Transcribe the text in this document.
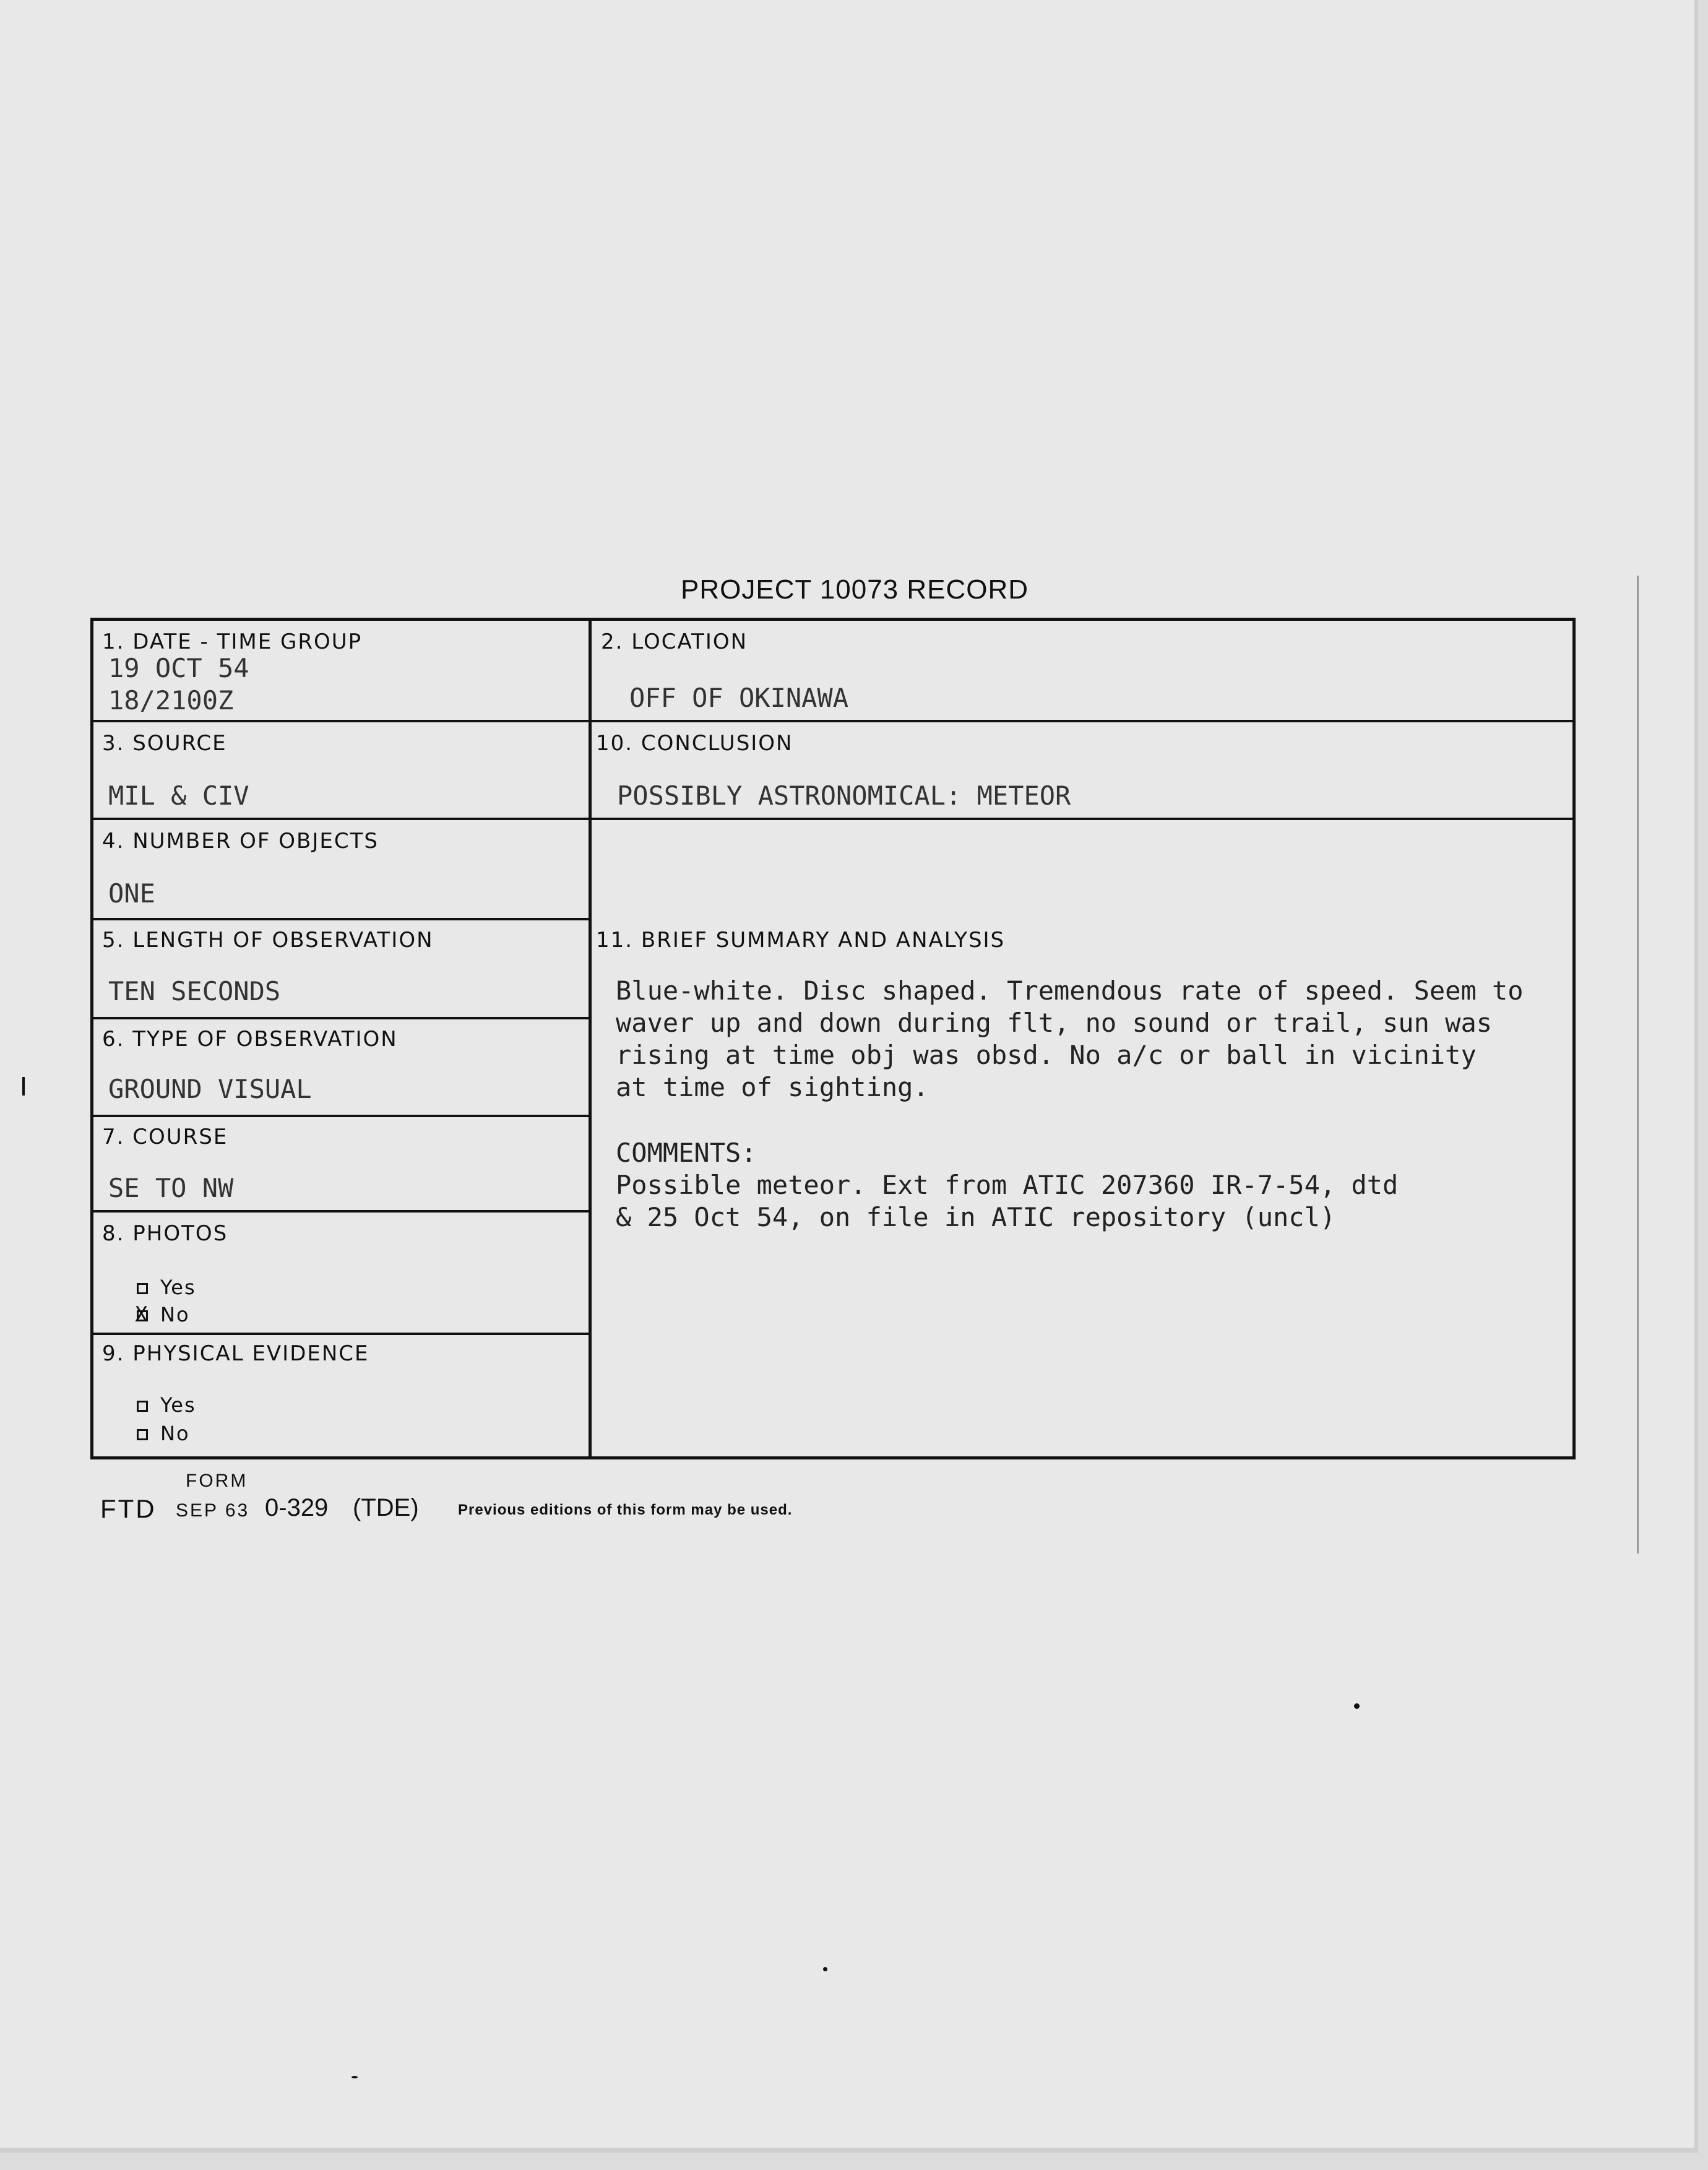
PROJECT 10073 RECORD
1. DATE - TIME GROUP
19 OCT 54
18/2100Z
2. LOCATION
OFF OF OKINAWA
3. SOURCE
MIL & CIV
10. CONCLUSION
POSSIBLY ASTRONOMICAL: METEOR
4. NUMBER OF OBJECTS
ONE
5. LENGTH OF OBSERVATION
TEN SECONDS
11. BRIEF SUMMARY AND ANALYSIS
Blue-white. Disc shaped. Tremendous rate of speed. Seem to
waver up and down during flt, no sound or trail, sun was
rising at time obj was obsd. No a/c or ball in vicinity
at time of sighting.
COMMENTS:
Possible meteor. Ext from ATIC 207360 IR-7-54, dtd
& 25 Oct 54, on file in ATIC repository (uncl)
6. TYPE OF OBSERVATION
GROUND VISUAL
7. COURSE
SE TO NW
8. PHOTOS
Yes
XNo
9. PHYSICAL EVIDENCE
Yes
No
FORM
FTD SEP 63 0-329 (TDE)	Previous editions of this form may be used.
